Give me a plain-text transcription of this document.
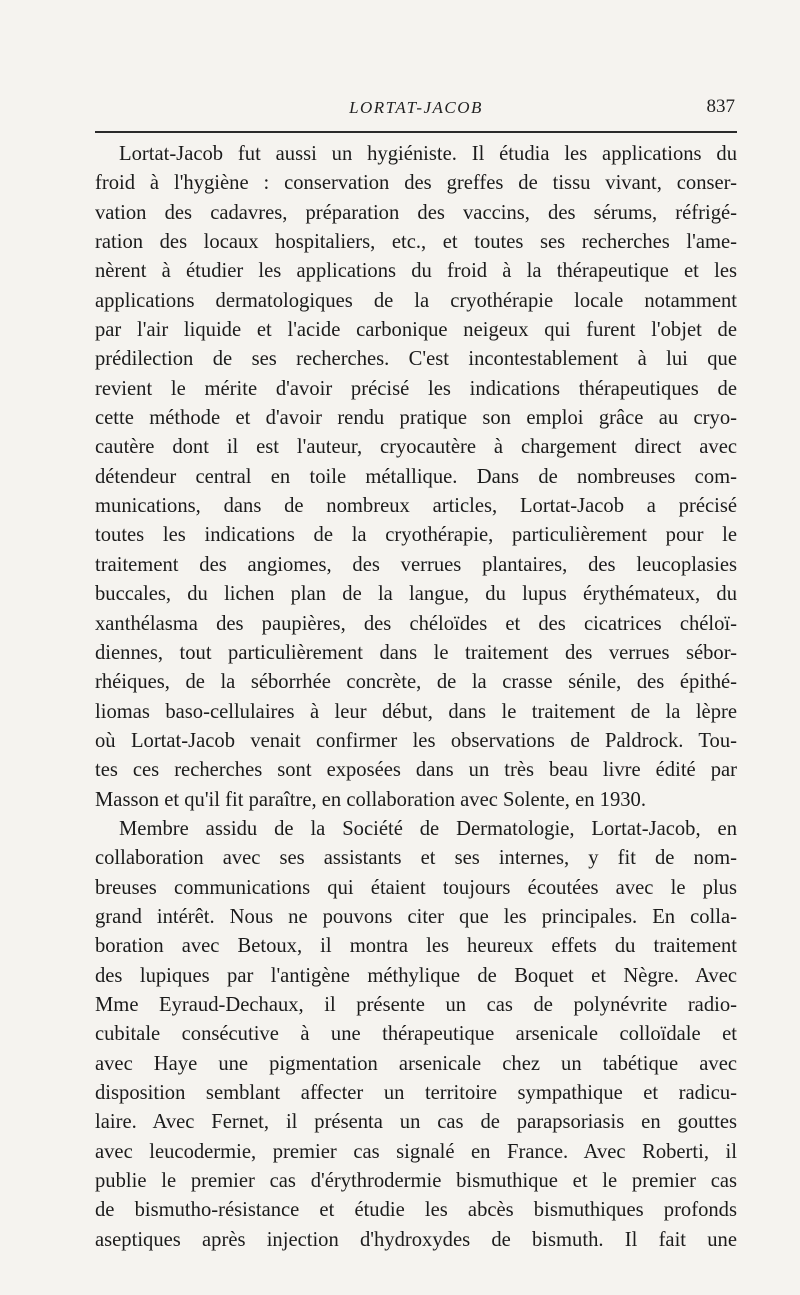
LORTAT-JACOB	837
Lortat-Jacob fut aussi un hygiéniste. Il étudia les applications du
froid à l'hygiène : conservation des greffes de tissu vivant, conser-
vation des cadavres, préparation des vaccins, des sérums, réfrigé-
ration des locaux hospitaliers, etc., et toutes ses recherches l'ame-
nèrent à étudier les applications du froid à la thérapeutique et les
applications dermatologiques de la cryothérapie locale notamment
par l'air liquide et l'acide carbonique neigeux qui furent l'objet de
prédilection de ses recherches. C'est incontestablement à lui que
revient le mérite d'avoir précisé les indications thérapeutiques de
cette méthode et d'avoir rendu pratique son emploi grâce au cryo-
cautère dont il est l'auteur, cryocautère à chargement direct avec
détendeur central en toile métallique. Dans de nombreuses com-
munications, dans de nombreux articles, Lortat-Jacob a précisé
toutes les indications de la cryothérapie, particulièrement pour le
traitement des angiomes, des verrues plantaires, des leucoplasies
buccales, du lichen plan de la langue, du lupus érythémateux, du
xanthélasma des paupières, des chéloïdes et des cicatrices chéloï-
diennes, tout particulièrement dans le traitement des verrues sébor-
rhéiques, de la séborrhée concrète, de la crasse sénile, des épithé-
liomas baso-cellulaires à leur début, dans le traitement de la lèpre
où Lortat-Jacob venait confirmer les observations de Paldrock. Tou-
tes ces recherches sont exposées dans un très beau livre édité par
Masson et qu'il fit paraître, en collaboration avec Solente, en 1930.
Membre assidu de la Société de Dermatologie, Lortat-Jacob, en
collaboration avec ses assistants et ses internes, y fit de nom-
breuses communications qui étaient toujours écoutées avec le plus
grand intérêt. Nous ne pouvons citer que les principales. En colla-
boration avec Betoux, il montra les heureux effets du traitement
des lupiques par l'antigène méthylique de Boquet et Nègre. Avec
Mme Eyraud-Dechaux, il présente un cas de polynévrite radio-
cubitale consécutive à une thérapeutique arsenicale colloïdale et
avec Haye une pigmentation arsenicale chez un tabétique avec
disposition semblant affecter un territoire sympathique et radicu-
laire. Avec Fernet, il présenta un cas de parapsoriasis en gouttes
avec leucodermie, premier cas signalé en France. Avec Roberti, il
publie le premier cas d'érythrodermie bismuthique et le premier cas
de bismutho-résistance et étudie les abcès bismuthiques profonds
aseptiques après injection d'hydroxydes de bismuth. Il fait une
